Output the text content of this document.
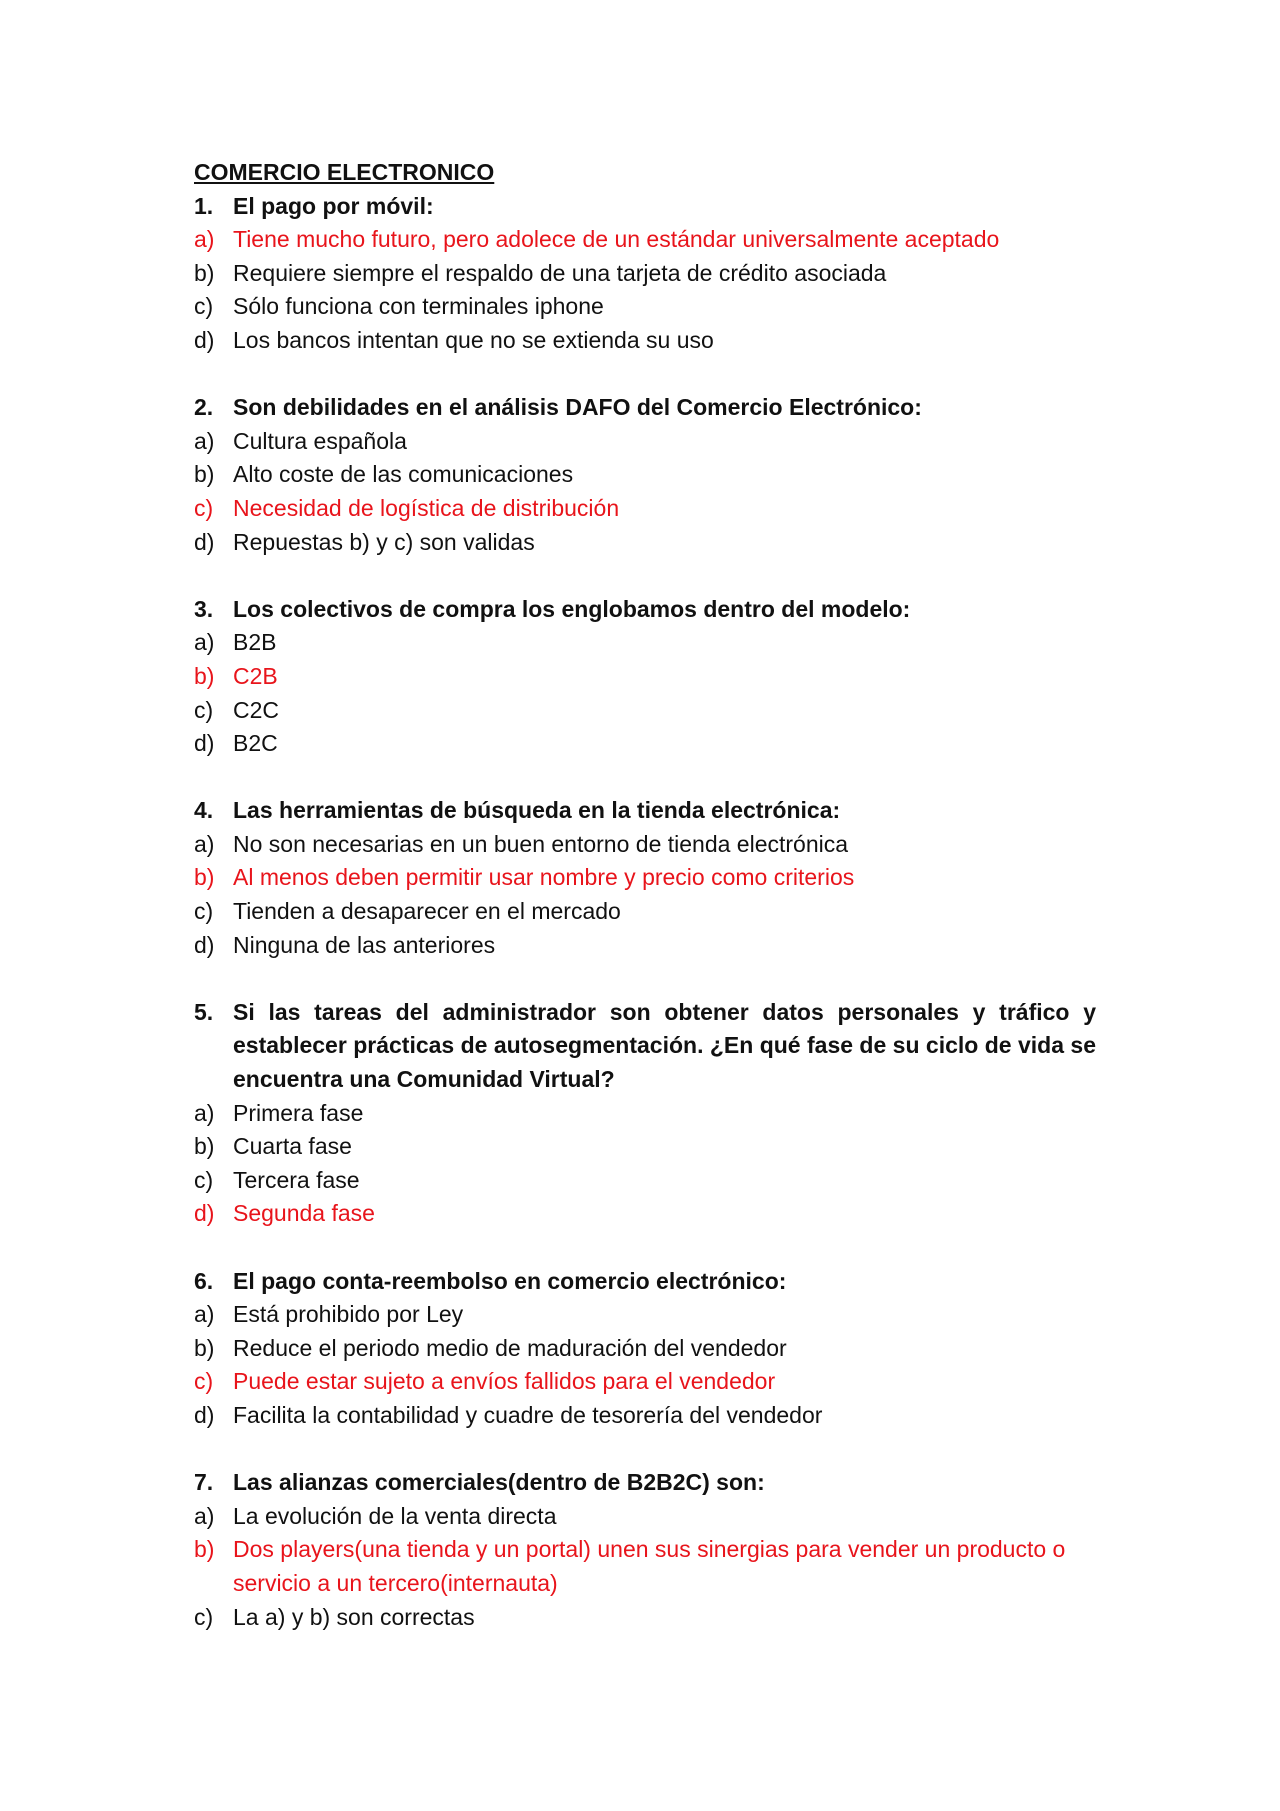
COMERCIO ELECTRONICO
1. El pago por móvil:
a) Tiene mucho futuro, pero adolece de un estándar universalmente aceptado
b) Requiere siempre el respaldo de una tarjeta de crédito asociada
c) Sólo funciona con terminales iphone
d) Los bancos intentan que no se extienda su uso
2. Son debilidades en el análisis DAFO del Comercio Electrónico:
a) Cultura española
b) Alto coste de las comunicaciones
c) Necesidad de logística de distribución
d) Repuestas b) y c) son validas
3. Los colectivos de compra los englobamos dentro del modelo:
a) B2B
b) C2B
c) C2C
d) B2C
4. Las herramientas de búsqueda en la tienda electrónica:
a) No son necesarias en un buen entorno de tienda electrónica
b) Al menos deben permitir usar nombre y precio como criterios
c) Tienden a desaparecer en el mercado
d) Ninguna de las anteriores
5. Si las tareas del administrador son obtener datos personales y tráfico y establecer prácticas de autosegmentación. ¿En qué fase de su ciclo de vida se encuentra una Comunidad Virtual?
a) Primera fase
b) Cuarta fase
c) Tercera fase
d) Segunda fase
6. El pago conta-reembolso en comercio electrónico:
a) Está prohibido por Ley
b) Reduce el periodo medio de maduración del vendedor
c) Puede estar sujeto a envíos fallidos para el vendedor
d) Facilita la contabilidad y cuadre de tesorería del vendedor
7. Las alianzas comerciales(dentro de B2B2C) son:
a) La evolución de la venta directa
b) Dos players(una tienda y un portal) unen sus sinergias para vender un producto o servicio a un tercero(internauta)
c) La a) y b) son correctas
